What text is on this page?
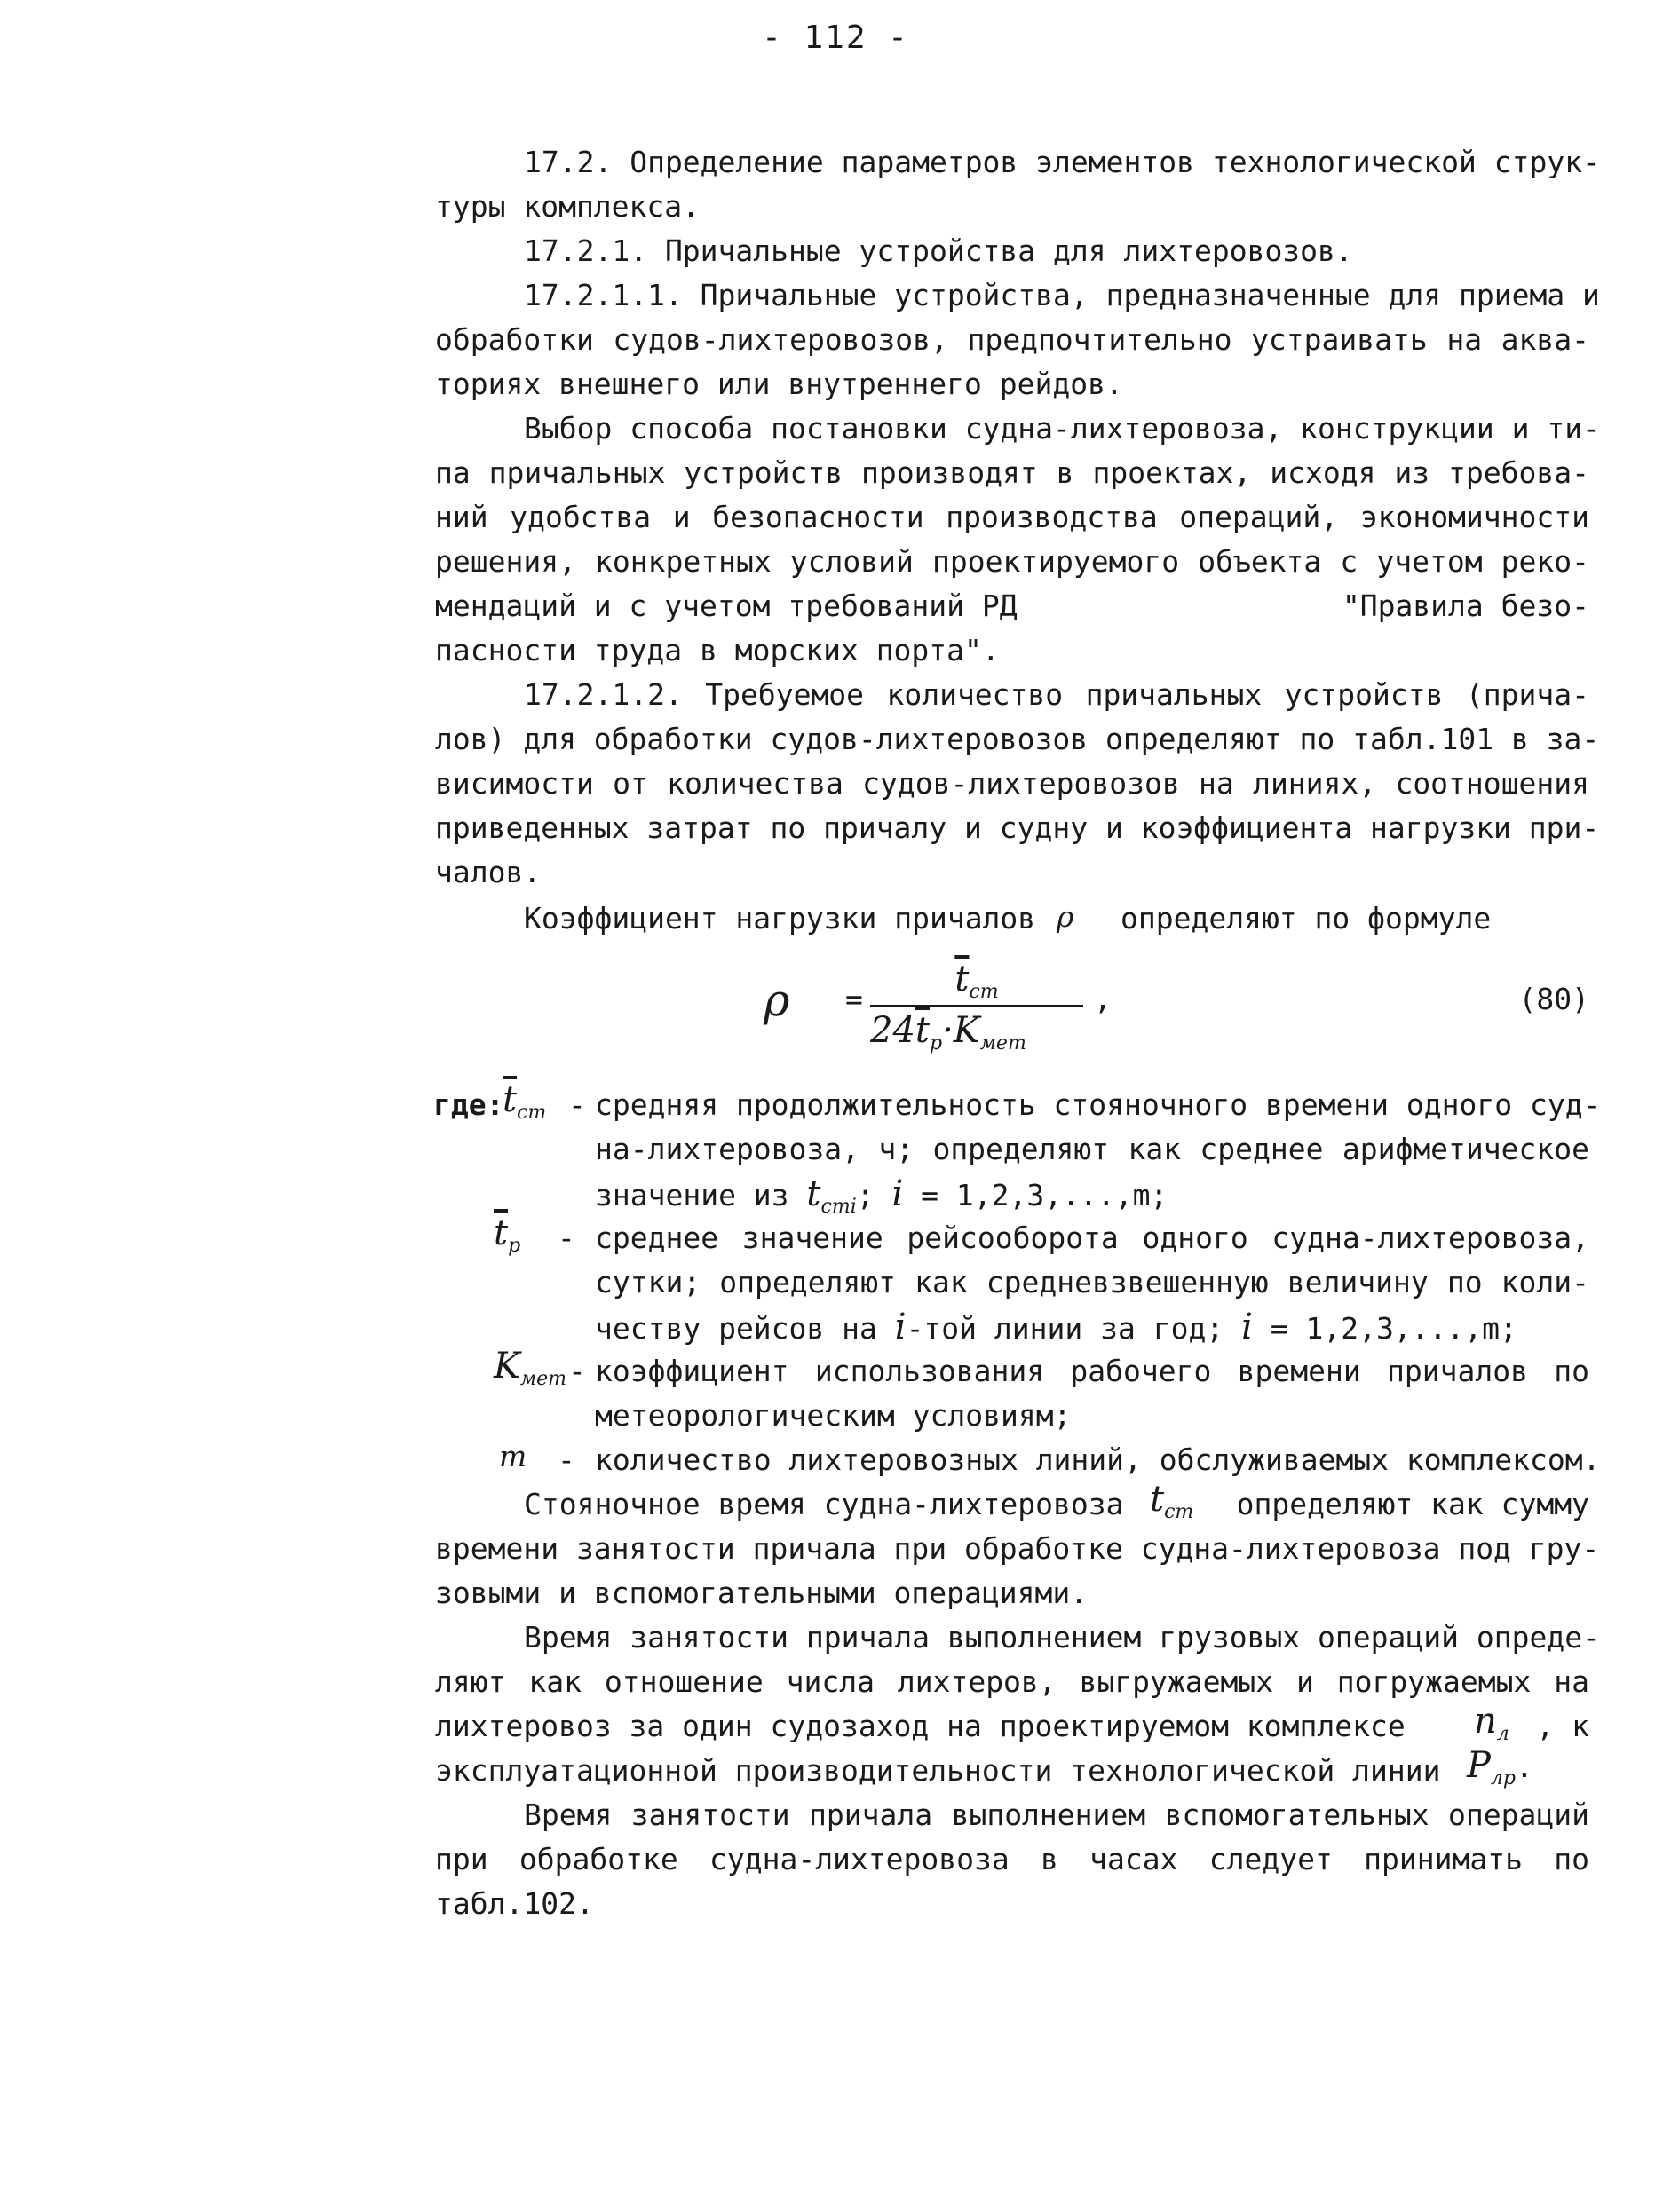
- 112 -
17.2. Определение параметров элементов технологической струк-
туры комплекса.
17.2.1. Причальные устройства для лихтеровозов.
17.2.1.1. Причальные устройства, предназначенные для приема и
обработки судов-лихтеровозов, предпочтительно устраивать на аква-
ториях внешнего или внутреннего рейдов.
Выбор способа постановки судна-лихтеровоза, конструкции и ти-
па причальных устройств производят в проектах, исходя из требова-
ний удобства и безопасности производства операций, экономичности
решения, конкретных условий проектируемого объекта с учетом реко-
мендаций и с учетом требований РД	"Правила безо-
пасности труда в морских порта".
17.2.1.2. Требуемое количество причальных устройств (прича-
лов) для обработки судов-лихтеровозов определяют по табл.101 в за-
висимости от количества судов-лихтеровозов на линиях, соотношения
приведенных затрат по причалу и судну и коэффициента нагрузки при-
чалов.
Коэффициент нагрузки причалов ρ определяют по формуле
ρ =	$\overline{t}_{ст}$
$24\overline{t}_р\cdot K_{мет}$
,	(80)
где:
$\overline{t}_{ст}$ - средняя продолжительность стояночного времени одного суд-
на-лихтеровоза, ч; определяют как среднее арифметическое
значение из $t_{стi}$; i = 1,2,3,...,m;
$\overline{t}_р$ - среднее значение рейсооборота одного судна-лихтеровоза,
сутки; определяют как средневзвешенную величину по коли-
честву рейсов на i-той линии за год; i = 1,2,3,...,m;
$K_{мет}$ - коэффициент использования рабочего времени причалов по
метеорологическим условиям;
m - количество лихтеровозных линий, обслуживаемых комплексом.
Стояночное время судна-лихтеровоза $t_{ст}$	определяют как сумму
времени занятости причала при обработке судна-лихтеровоза под гру-
зовыми и вспомогательными операциями.
Время занятости причала выполнением грузовых операций опреде-
ляют как отношение числа лихтеров, выгружаемых и погружаемых на
лихтеровоз за один судозаход на проектируемом комплексе $n_л$ , к
эксплуатационной производительности технологической линии $P_{лр}$.
Время занятости причала выполнением вспомогательных операций
при обработке судна-лихтеровоза в часах следует принимать по
табл.102.
